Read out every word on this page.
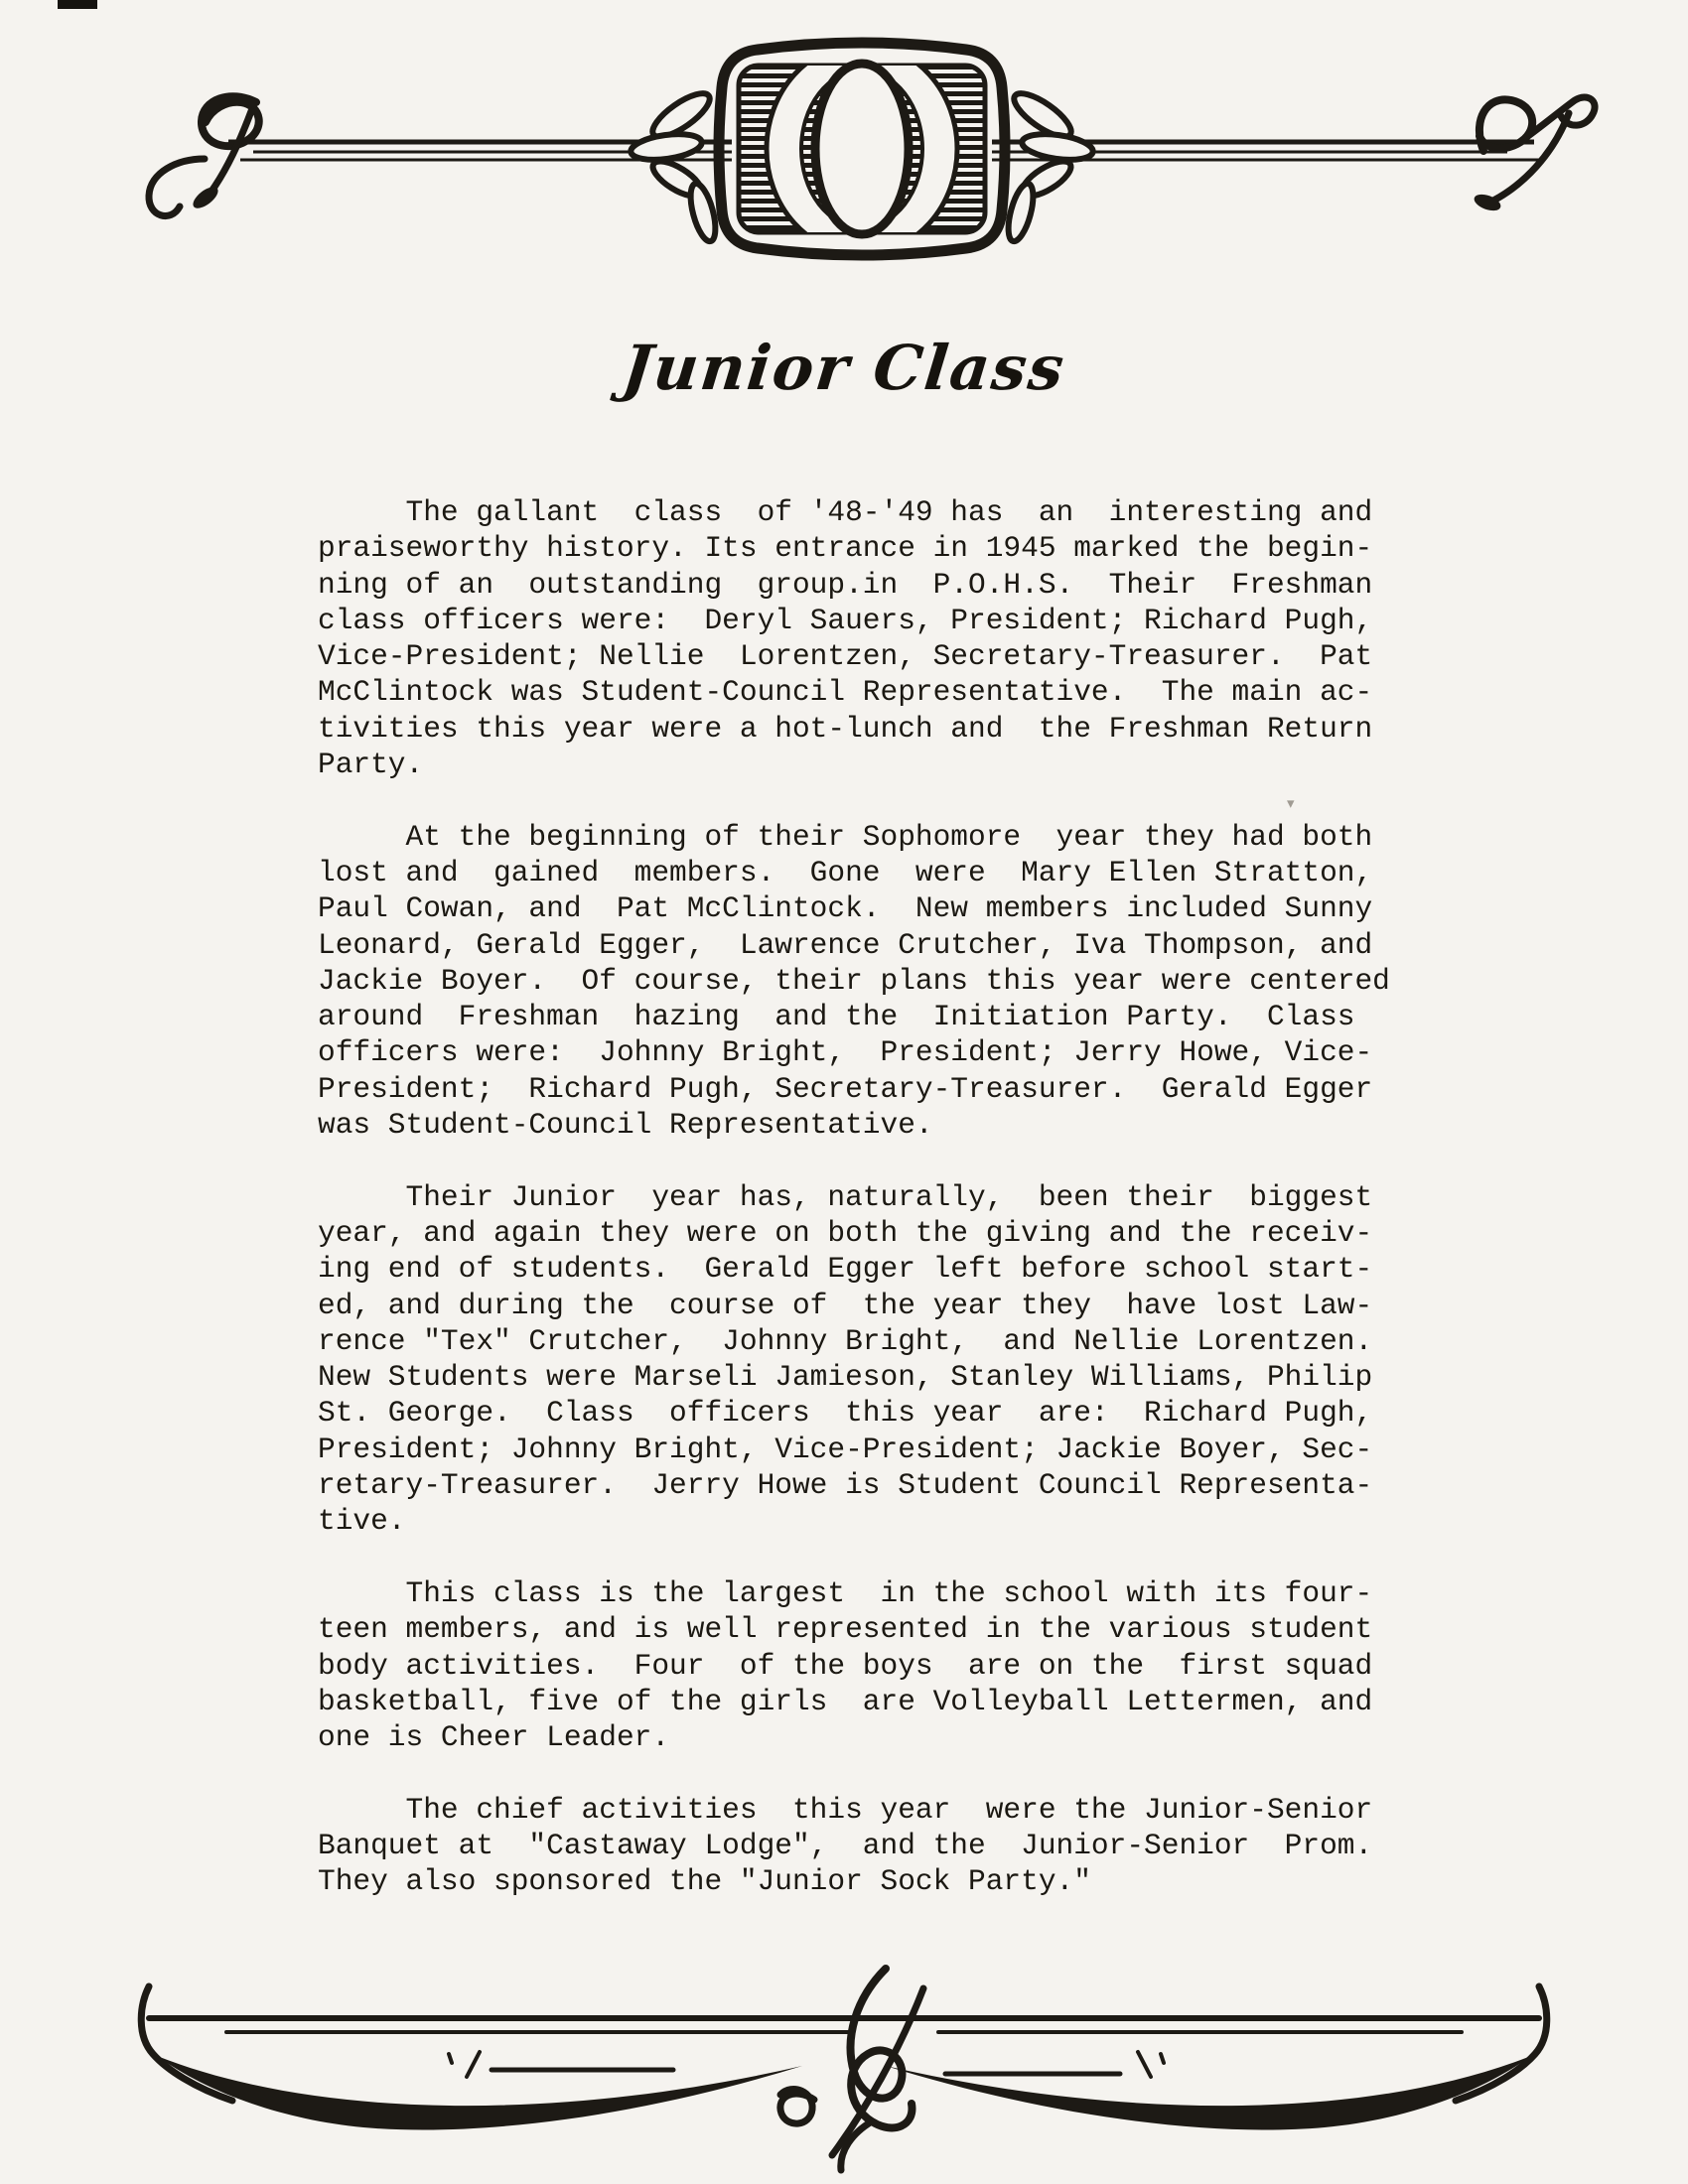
Junior Class
The gallant  class  of '48-'49 has  an  interesting and
praiseworthy history. Its entrance in 1945 marked the begin-
ning of an  outstanding  group.in  P.O.H.S.  Their  Freshman
class officers were:  Deryl Sauers, President; Richard Pugh,
Vice-President; Nellie  Lorentzen, Secretary-Treasurer.  Pat
McClintock was Student-Council Representative.  The main ac-
tivities this year were a hot-lunch and  the Freshman Return
Party.
At the beginning of their Sophomore  year they had both
lost and  gained  members.  Gone  were  Mary Ellen Stratton,
Paul Cowan, and  Pat McClintock.  New members included Sunny
Leonard, Gerald Egger,  Lawrence Crutcher, Iva Thompson, and
Jackie Boyer.  Of course, their plans this year were centered
around  Freshman  hazing  and the  Initiation Party.  Class
officers were:  Johnny Bright,  President; Jerry Howe, Vice-
President;  Richard Pugh, Secretary-Treasurer.  Gerald Egger
was Student-Council Representative.
Their Junior  year has, naturally,  been their  biggest
year, and again they were on both the giving and the receiv-
ing end of students.  Gerald Egger left before school start-
ed, and during the  course of  the year they  have lost Law-
rence "Tex" Crutcher,  Johnny Bright,  and Nellie Lorentzen.
New Students were Marseli Jamieson, Stanley Williams, Philip
St. George.  Class  officers  this year  are:  Richard Pugh,
President; Johnny Bright, Vice-President; Jackie Boyer, Sec-
retary-Treasurer.  Jerry Howe is Student Council Representa-
tive.
This class is the largest  in the school with its four-
teen members, and is well represented in the various student
body activities.  Four  of the boys  are on the  first squad
basketball, five of the girls  are Volleyball Lettermen, and
one is Cheer Leader.
The chief activities  this year  were the Junior-Senior
Banquet at  "Castaway Lodge",  and the  Junior-Senior  Prom.
They also sponsored the "Junior Sock Party."
▾
